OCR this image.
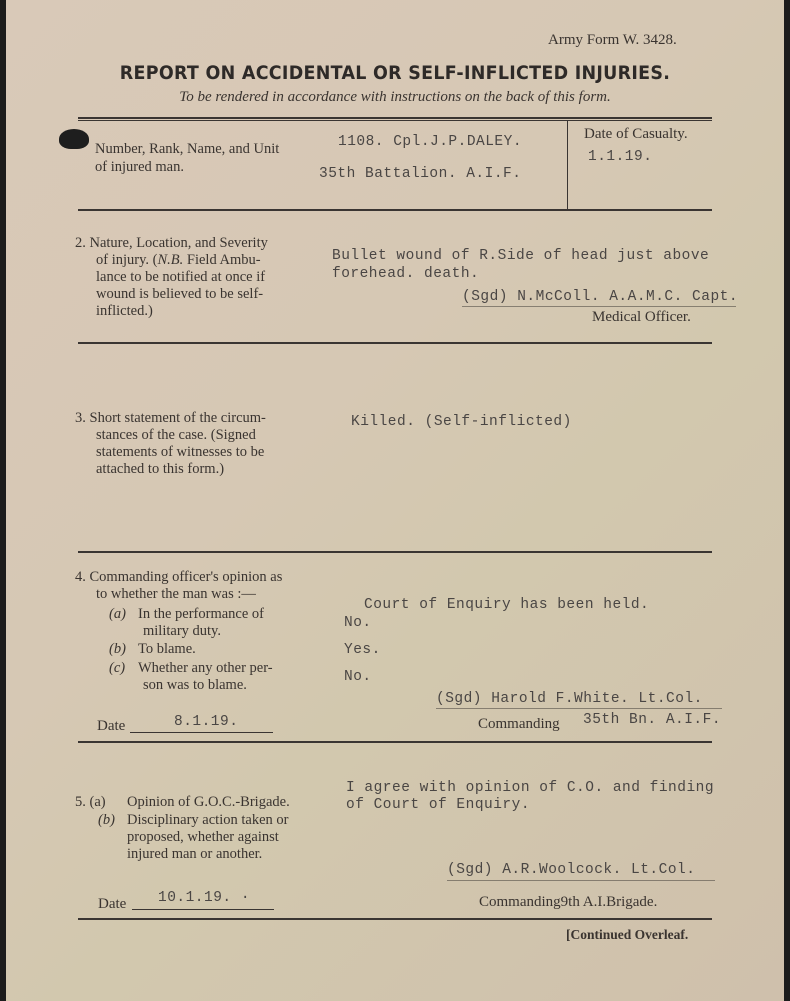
Army Form W. 3428.
REPORT ON ACCIDENTAL OR SELF-INFLICTED INJURIES.
To be rendered in accordance with instructions on the back of this form.
Number, Rank, Name, and Unit
of injured man.
1108. Cpl.J.P.DALEY.
35th Battalion. A.I.F.
Date of Casualty.
1.1.19.
2. Nature, Location, and Severity
of injury. (N.B. Field Ambu-
lance to be notified at once if
wound is believed to be self-
inflicted.)
Bullet wound of R.Side of head just above
forehead. death.
(Sgd) N.McColl. A.A.M.C. Capt.
Medical Officer.
3. Short statement of the circum-
stances of the case. (Signed
statements of witnesses to be
attached to this form.)
Killed. (Self-inflicted)
4. Commanding officer's opinion as
to whether the man was :—
(a) In the performance of
military duty.
(b) To blame.
(c) Whether any other per-
son was to blame.
Court of Enquiry has been held.
No.
Yes.
No.
(Sgd) Harold F.White. Lt.Col.
Commanding 35th Bn. A.I.F.
Date	8.1.19.
5. (a) Opinion of G.O.C.-Brigade.
(b) Disciplinary action taken or
proposed, whether against
injured man or another.
I agree with opinion of C.O. and finding
of Court of Enquiry.
(Sgd) A.R.Woolcock. Lt.Col.
Commanding9th A.I.Brigade.
Date 10.1.19. ·
[Continued Overleaf.
